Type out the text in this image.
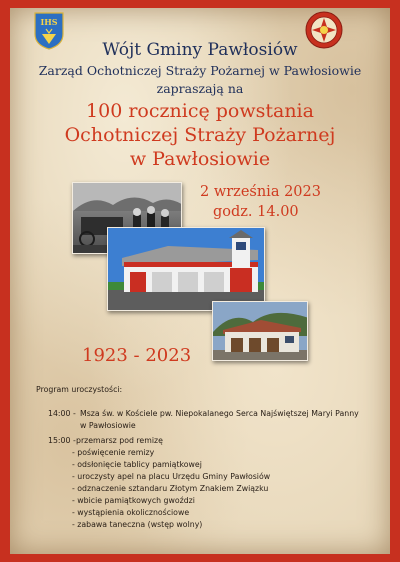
IHS
Wójt Gminy Pawłosiów
Zarząd Ochotniczej Straży Pożarnej w Pawłosiowie
zapraszają na
100 rocznicę powstania
Ochotniczej Straży Pożarnej
w Pawłosiowie
2 września 2023
godz. 14.00
1923 - 2023
Program uroczystości:
14:00 - Msza św. w Kościele pw. Niepokalanego Serca Najświętszej Maryi Panny
w Pawłosiowie
15:00 - przemarsz pod remizę
- poświęcenie remizy
- odsłonięcie tablicy pamiątkowej
- uroczysty apel na placu Urzędu Gminy Pawłosiów
- odznaczenie sztandaru Złotym Znakiem Związku
- wbicie pamiątkowych gwoździ
- wystąpienia okolicznościowe
- zabawa taneczna (wstęp wolny)
